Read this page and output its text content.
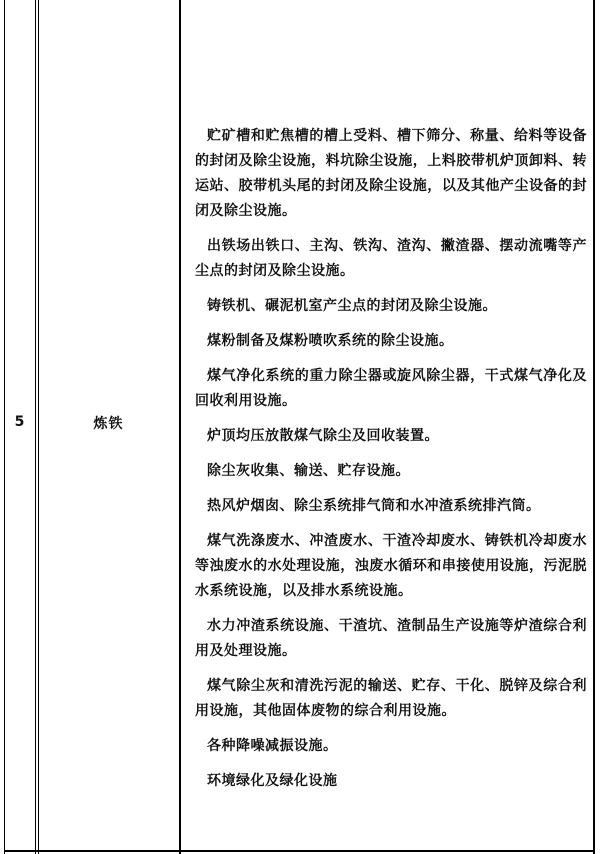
5	炼铁

贮矿槽和贮焦槽的槽上受料、槽下筛分、称量、给料等设备的封闭及除尘设施，料坑除尘设施，上料胶带机炉顶卸料、转运站、胶带机头尾的封闭及除尘设施，以及其他产尘设备的封闭及除尘设施。

出铁场出铁口、主沟、铁沟、渣沟、撇渣器、摆动流嘴等产尘点的封闭及除尘设施。

铸铁机、碾泥机室产尘点的封闭及除尘设施。

煤粉制备及煤粉喷吹系统的除尘设施。

煤气净化系统的重力除尘器或旋风除尘器，干式煤气净化及回收利用设施。

炉顶均压放散煤气除尘及回收装置。

除尘灰收集、输送、贮存设施。

热风炉烟囱、除尘系统排气筒和水冲渣系统排汽筒。

煤气洗涤废水、冲渣废水、干渣冷却废水、铸铁机冷却废水等浊废水的水处理设施，浊废水循环和串接使用设施，污泥脱水系统设施，以及排水系统设施。

水力冲渣系统设施、干渣坑、渣制品生产设施等炉渣综合利用及处理设施。

煤气除尘灰和清洗污泥的输送、贮存、干化、脱锌及综合利用设施，其他固体废物的综合利用设施。

各种降噪减振设施。

环境绿化及绿化设施
